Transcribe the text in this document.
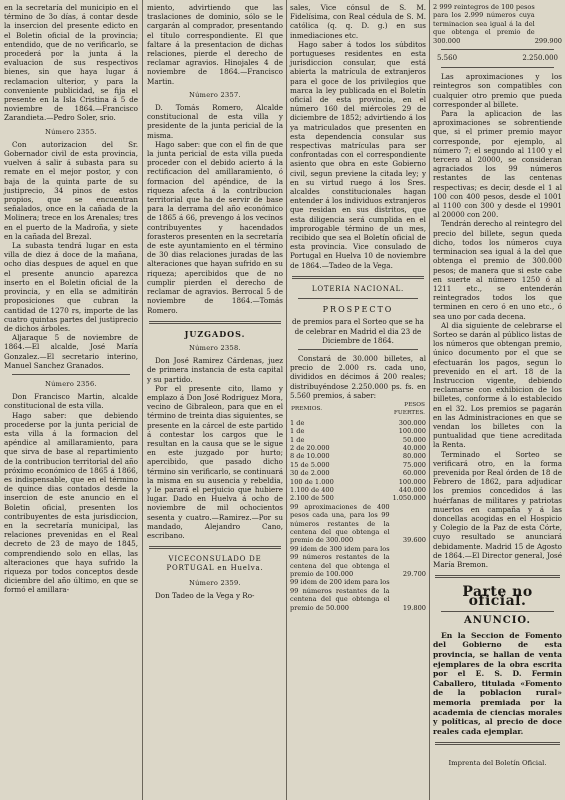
en la secretaría del municipio en el término de 3o días, á contar desde la insercion del presente edicto en el Boletin oficial de la provincia; entendido, que de no verificarlo, se procederá por la junta á la evaluacion de sus respectivos bienes, sin que haya lugar á reclamacion ulterior, y para la conveniente publicidad, se fija el presente en la Isla Cristina á 5 de noviembre de 1864.—Francisco Zarandieta.—Pedro Soler, srio.

Número 2355.

Con autorizacion del Sr. Gobernador civil de esta provincia, vuelven á salir á subasta para su remate en el mejor postor, y con baja de la quinta parte de su justiprecio, 34 pinos de estos propios, que se encuentran señalados, once en la cañada de la Molinera; trece en los Arenales; tres en el puerto de la Madroña, y siete en la cañada del Brezal.

La subasta tendrá lugar en esta villa de diez á doce de la mañana, ocho dias despues de aquel en que el presente anuncio aparezca inserto en el Boletin oficial de la provincia, y en ella se admitirán proposiciones que cubran la cantidad de 1270 rs, importe de las cuatro quintas partes del justiprecio de dichos árboles.

Aljaraque 5 de noviembre de 1864.—El alcalde, José María Gonzalez.—El secretario interino, Manuel Sanchez Granados.

Número 2356.

Don Francisco Martin, alcalde constitucional de esta villa.

Hago saber: que debiendo procederse por la junta pericial de esta villa á la formacion del apéndice al amillaramiento, para que sirva de base al repartimiento de la contribucion territorial del año próximo económico de 1865 á 1866, es indispensable, que en el término de quince dias contados desde la insercion de este anuncio en el Boletin oficial, presenten los contribuyentes de esta jurisdiccion, en la secretaría municipal, las relaciones prevenidas en el Real decreto de 23 de mayo de 1845, comprendiendo solo en ellas, las alteraciones que haya sufrido la riqueza por todos conceptos desde diciembre del año último, en que se formó el amillara-

miento, advirtiendo que las traslaciones de dominio, sólo se le cargarán al comprador, presentando el título correspondiente. El que faltare á la presentacion de dichas relaciones, pierde el derecho de reclamar agravios. Hinojales 4 de noviembre de 1864.—Francisco Martin.

Número 2357.

D. Tomás Romero, Alcalde constitucional de esta villa y presidente de la junta pericial de la misma.

Hago saber: que con el fin de que la junta pericial de esta villa pueda proceder con el debido acierto á la rectificacion del amillaramiento, ó formacion del apéndice, de la riqueza afecta á la contribucion territorial que ha de servir de base para la derrama del año económico de 1865 á 66, prevengo á los vecinos contribuyentes y hacendados forasteros presenten en la secretaría de este ayuntamiento en el término de 30 dias relaciones juradas de las alteraciones que hayan sufrido en su riqueza; apercibidos que de no cumplir pierden el derecho de reclamar de agravios. Berrocal 5 de noviembre de 1864.—Tomás Romero.

JUZGADOS.
Número 2358.

Don José Ramirez Cárdenas, juez de primera instancia de esta capital y su partido.

Por el presente cito, llamo y emplazo á Don José Rodriguez Mora, vecino de Gibraleon, para que en el término de treinta dias siguientes, se presente en la cárcel de este partido á contestar los cargos que le resultan en la causa que se le sigue en este juzgado por hurto; apercibido, que pasado dicho término sin verificarlo, se continuará la misma en su ausencia y rebeldia, y le parará el perjuicio que hubiere lugar. Dado en Huelva á ocho de noviembre de mil ochocientos sesenta y cuatro.—Ramirez.—Por su mandado, Alejandro Cano, escribano.

VICECONSULADO DE PORTUGAL en Huelva.
Número 2359.

Don Tadeo de la Vega y Ro-

sales, Vice cónsul de S. M. Fidelísima, con Real cédula de S. M. católica (q. q. D. g.) en sus inmediaciones etc.

Hago saber á todos los súbditos portugueses residentes en esta jurisdiccion consular, que está abierta la matrícula de extranjeros para el goce de los privilegios que marca la ley publicada en el Boletín oficial de esta provincia, en el número 160 del miércoles 29 de diciembre de 1852; advirtiendo á los ya matriculados que presenten en esta dependencia consular sus respectivas matrículas para ser confrontadas con el correspondiente asiento que obra en este Gobierno civil, segun previene la citada ley; y en su virtud ruego á los Sres. alcaldes constitucionales hagan entender á los individuos extranjeros que residan en sus distritos, que esta diligencia será cumplida en el improrogable término de un mes, recibido que sea el Boletín oficial de esta provincia. Vice consulado de Portugal en Huelva 10 de noviembre de 1864.—Tadeo de la Vega.

LOTERIA NACIONAL.
PROSPECTO

de premios para el Sorteo que se ha de celebrar en Madrid el dia 23 de Diciembre de 1864.

Constará de 30.000 billetes, al precio de 2.000 rs. cada uno, divididos en décimos á 200 reales; distribuyéndose 2.250.000 ps. fs. en 5.560 premios, á saber:

PREMIOS.	PESOS FUERTES.
1 de	300.000
1 de	100.000
1 de	50.000
2 de 20.000	40.000
8 de 10.000	80.000
15 de 5.000	75.000
30 de 2.000	60.000
100 de 1.000	100.000
1.100 de 400	440.000
2.100 de 500	1.050.000
99 aproximaciones de 400 pesos cada una, para los 99 números restantes de la centena del que obtenga el premio de 300.000	39.600
99 idem de 300 idem para los 99 números restantes de la centena del que obtenga el premio de 100.000	29.700
99 idem de 200 idem para los 99 números restantes de la centena del que obtenga el premio de 50.000	19.800
2 999 reintegros de 100 pesos para los 2.999 números cuya terminacion sea igual á la del que obtenga el premio de 300.000	299.900
5.560	2.250.000

Las aproximaciones y los reintegros son compatibles con cualquier otro premio que pueda corresponder al billete.

Para la aplicacion de las aproximaciones se sobrentiende que, si el primer premio mayor corresponde, por ejemplo, al número 7; el segundo al 1100 y el tercero al 20000, se consideran agraciados los 99 números restantes de las centenas respectivas; es decir, desde el 1 al 100 con 400 pesos, desde el 1001 al 1100 con 300 y desde el 19901 al 20000 con 200.

Tendrán derecho al reintegro del precio del billete, segun queda dicho, todos los números cuya terminacion sea igual á la del que obtenga el premio de 300.000 pesos; de manera que si este cabe en suerte al número 1250 ó al 1211 etc., se entenderán reintegrados todos los que terminen en cero ó en uno etc., ó sea uno por cada decena.

Al dia siguiente de celebrarse el Sorteo se darán al público listas de los números que obtengan premio, único documento por el que se efectuarán los pagos, segun lo prevenido en el art. 18 de la Instruccion vigente, debiendo reclamarse con exhibicion de los billetes, conforme á lo establecido en el 32. Los premios se pagarán en las Administraciones en que se vendan los billetes con la puntualidad que tiene acreditada la Renta.

Terminado el Sorteo se verificará otro, en la forma prevenida por Real órden de 18 de Febrero de 1862, para adjudicar los premios concedidos á las huérfanas de militares y patriotas muertos en campaña y á las doncellas acogidas en el Hospicio y Colegio de la Paz de esta Córte, cuyo resultado se anunciará debidamente. Madrid 15 de Agosto de 1864.—El Director general, José María Bremon.

Parte no oficial.
ANUNCIO.

En la Seccion de Fomento del Gobierno de esta provincia, se hallan de venta ejemplares de la obra escrita por el E. S. D. Fermin Caballero, titulada «Fomento de la poblacion rural» memoria premiada por la academia de ciencias morales y políticas, al precio de doce reales cada ejemplar.

Imprenta del Boletín Oficial.
